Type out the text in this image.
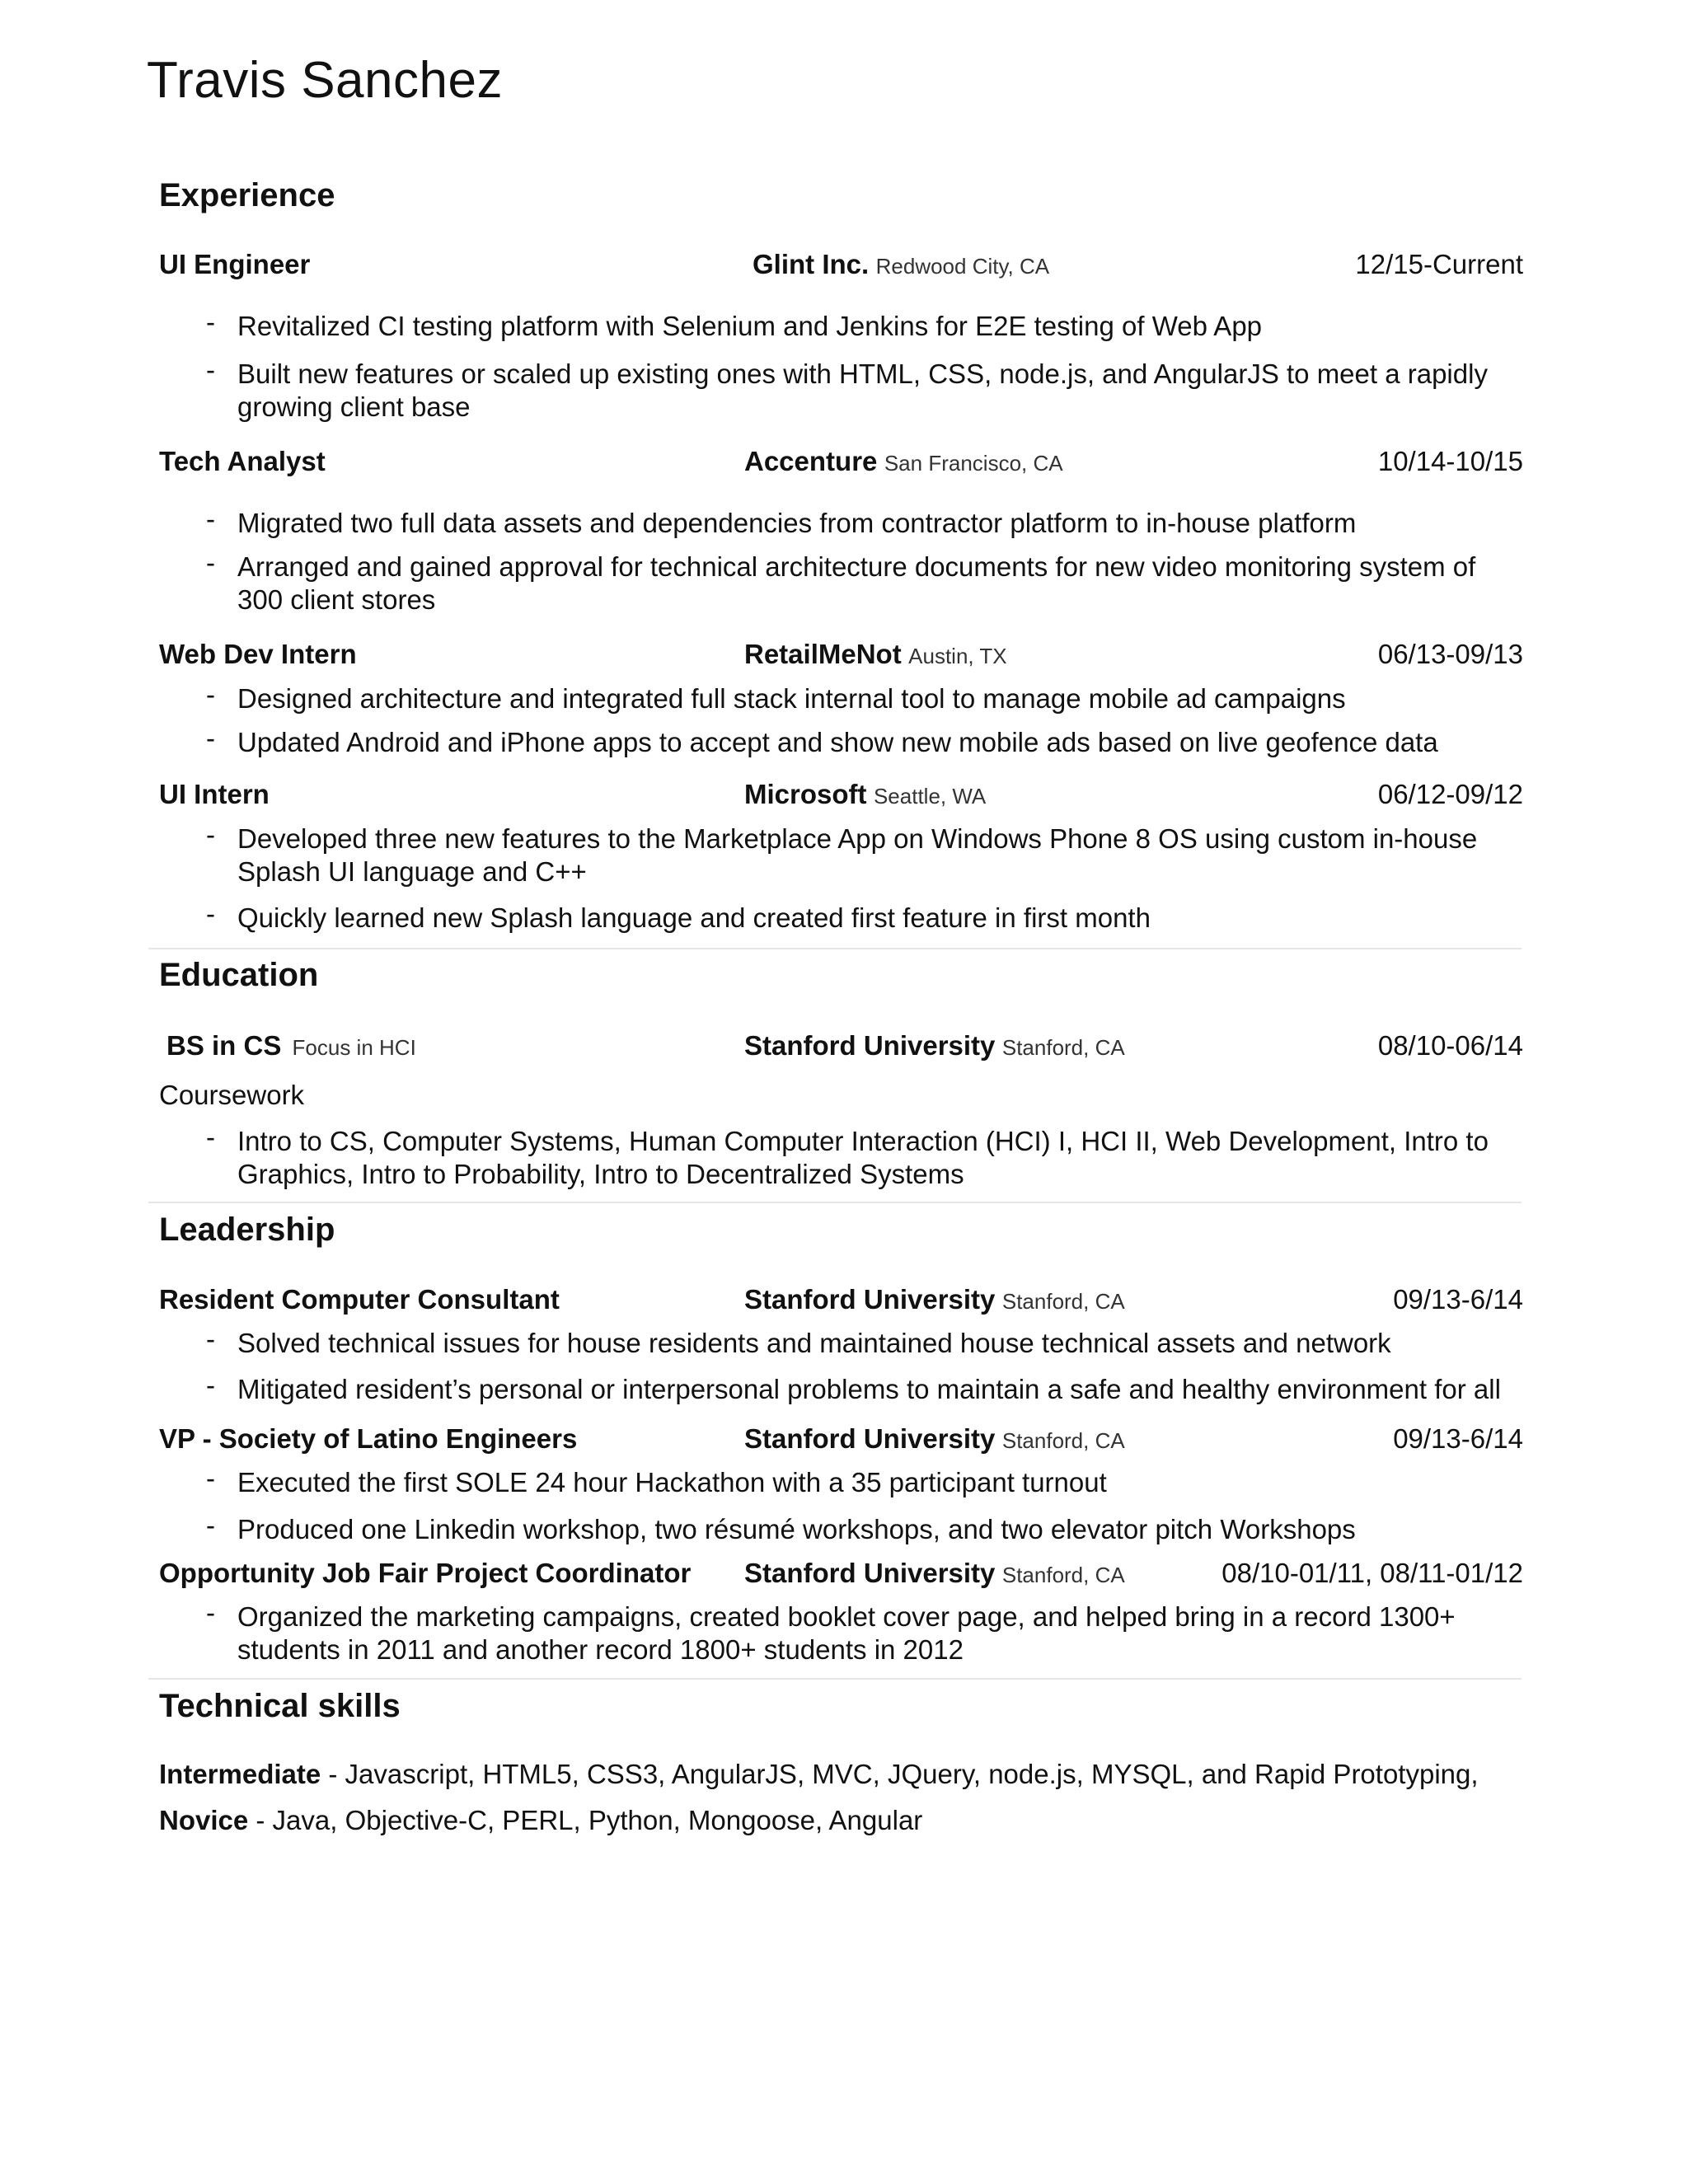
Travis Sanchez
Experience
UI Engineer	Glint Inc. Redwood City, CA	12/15-Current
- Revitalized CI testing platform with Selenium and Jenkins for E2E testing of Web App
- Built new features or scaled up existing ones with HTML, CSS, node.js, and AngularJS to meet a rapidly growing client base
Tech Analyst	Accenture San Francisco, CA	10/14-10/15
- Migrated two full data assets and dependencies from contractor platform to in-house platform
- Arranged and gained approval for technical architecture documents for new video monitoring system of 300 client stores
Web Dev Intern	RetailMeNot Austin, TX	06/13-09/13
- Designed architecture and integrated full stack internal tool to manage mobile ad campaigns
- Updated Android and iPhone apps to accept and show new mobile ads based on live geofence data
UI Intern	Microsoft Seattle, WA	06/12-09/12
- Developed three new features to the Marketplace App on Windows Phone 8 OS using custom in-house Splash UI language and C++
- Quickly learned new Splash language and created first feature in first month
Education
BS in CS Focus in HCI	Stanford University Stanford, CA	08/10-06/14
Coursework
- Intro to CS, Computer Systems, Human Computer Interaction (HCI) I, HCI II, Web Development, Intro to Graphics, Intro to Probability, Intro to Decentralized Systems
Leadership
Resident Computer Consultant	Stanford University Stanford, CA	09/13-6/14
- Solved technical issues for house residents and maintained house technical assets and network
- Mitigated resident’s personal or interpersonal problems to maintain a safe and healthy environment for all
VP - Society of Latino Engineers	Stanford University Stanford, CA	09/13-6/14
- Executed the first SOLE 24 hour Hackathon with a 35 participant turnout
- Produced one Linkedin workshop, two résumé workshops, and two elevator pitch Workshops
Opportunity Job Fair Project Coordinator Stanford University Stanford, CA	08/10-01/11, 08/11-01/12
- Organized the marketing campaigns, created booklet cover page, and helped bring in a record 1300+ students in 2011 and another record 1800+ students in 2012
Technical skills
Intermediate - Javascript, HTML5, CSS3, AngularJS, MVC, JQuery, node.js, MYSQL, and Rapid Prototyping,
Novice - Java, Objective-C, PERL, Python, Mongoose, Angular
